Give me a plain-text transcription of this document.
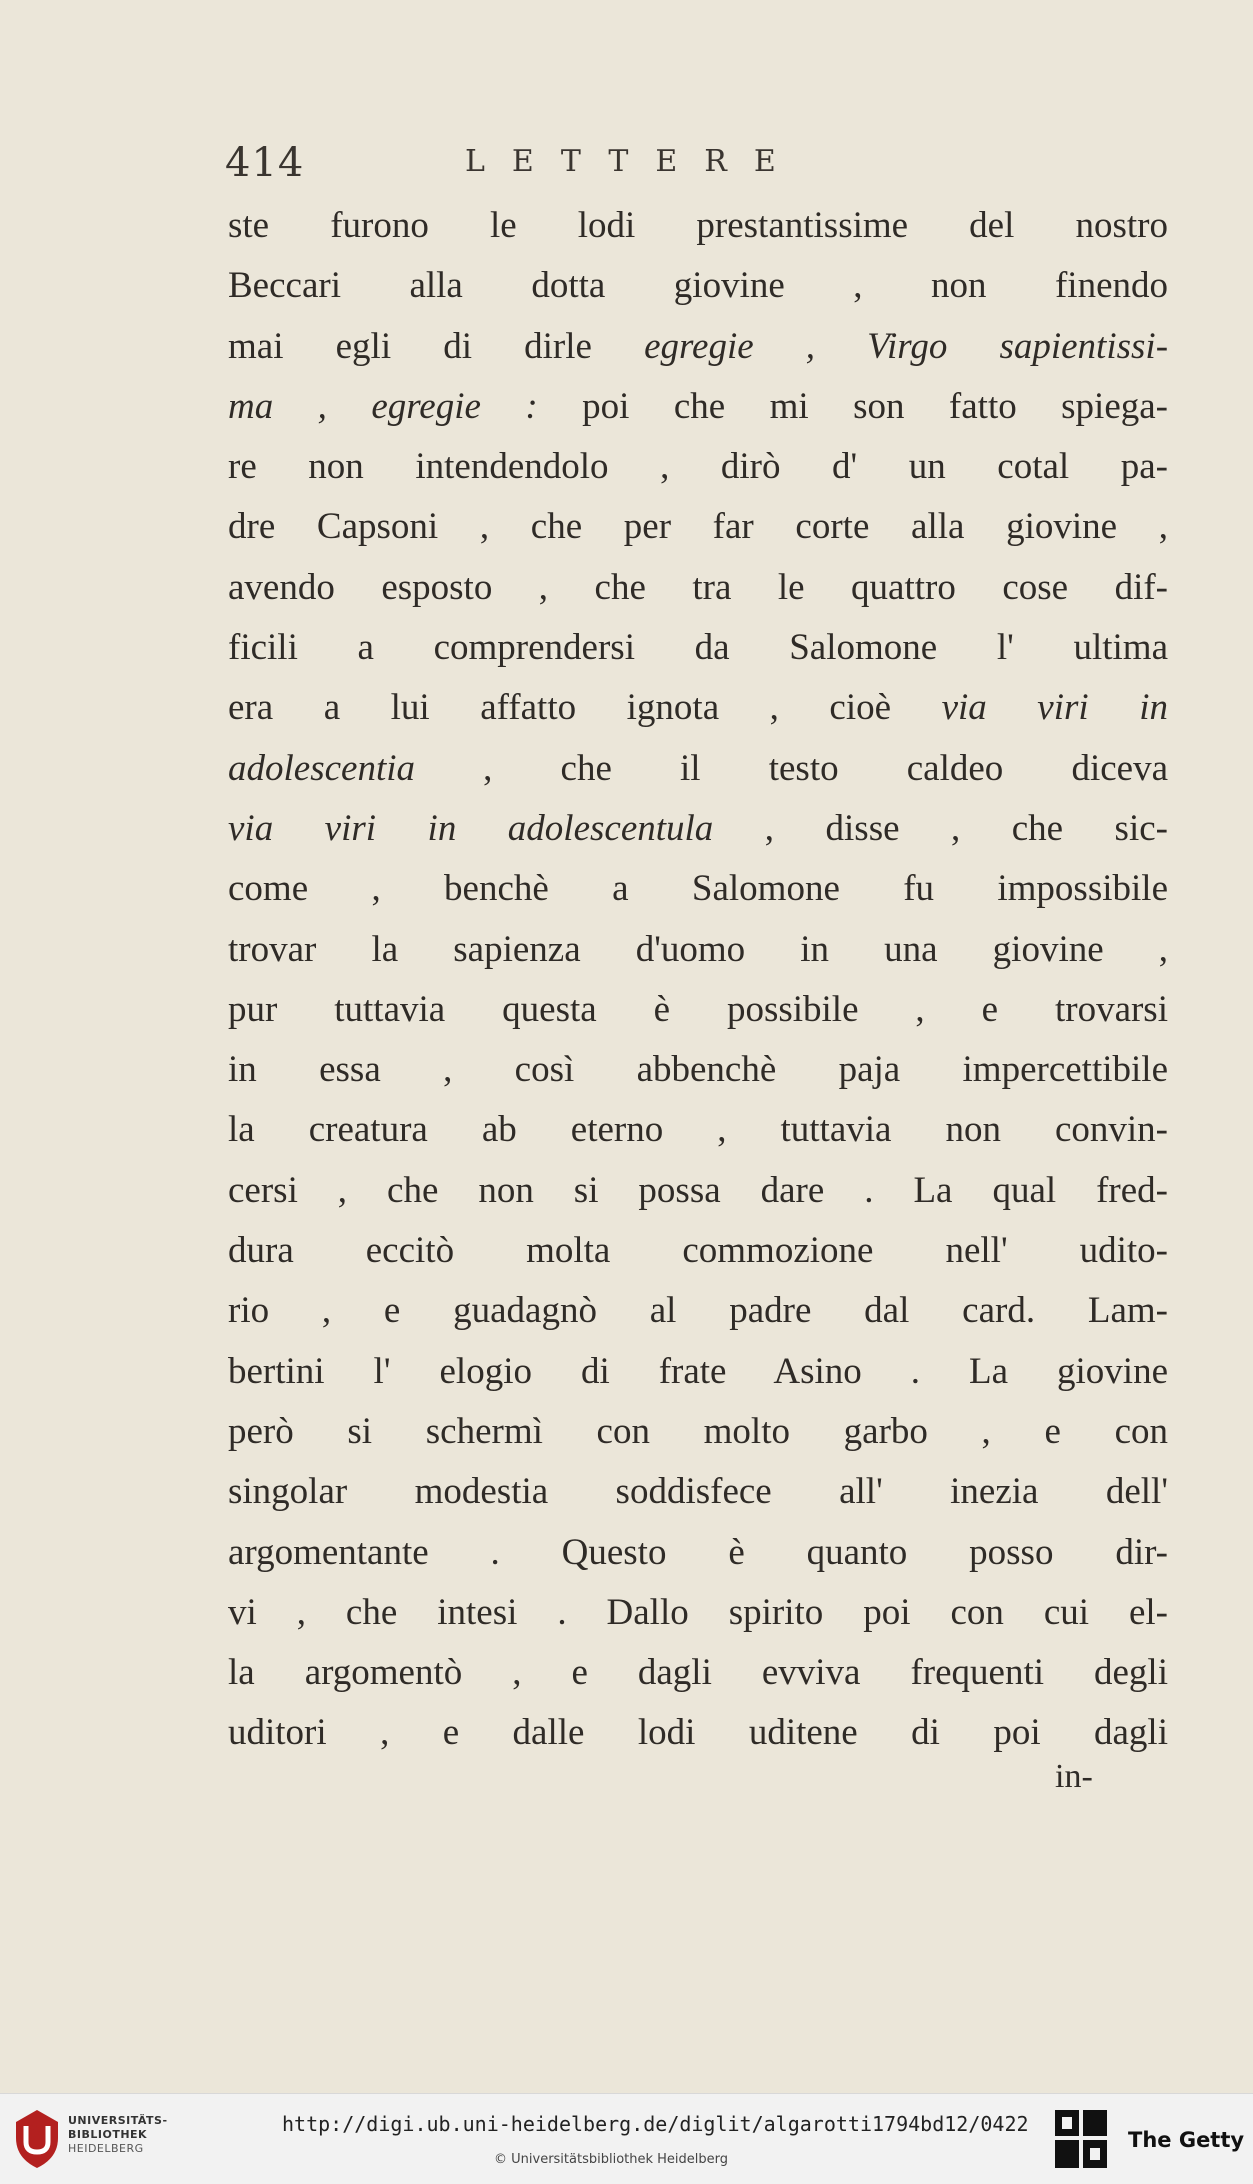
414	LETTERE
ste furono le lodi prestantissime del nostro
Beccari alla dotta giovine , non finendo
mai egli di dirle egregie , Virgo sapientissi-
ma , egregie : poi che mi son fatto spiega-
re non intendendolo , dirò d' un cotal pa-
dre Capsoni , che per far corte alla giovine ,
avendo esposto , che tra le quattro cose dif-
ficili a comprendersi da Salomone l' ultima
era a lui affatto ignota , cioè via viri in
adolescentia , che il testo caldeo diceva
via viri in adolescentula , disse , che sic-
come , benchè a Salomone fu impossibile
trovar la sapienza d'uomo in una giovine ,
pur tuttavia questa è possibile , e trovarsi
in essa , così abbenchè paja impercettibile
la creatura ab eterno , tuttavia non convin-
cersi , che non si possa dare . La qual fred-
dura eccitò molta commozione nell' udito-
rio , e guadagnò al padre dal card. Lam-
bertini l' elogio di frate Asino . La giovine
però si schermì con molto garbo , e con
singolar modestia soddisfece all' inezia dell'
argomentante . Questo è quanto posso dir-
vi , che intesi . Dallo spirito poi con cui el-
la argomentò , e dagli evviva frequenti degli
uditori , e dalle lodi uditene di poi dagli
in-
UNIVERSITÄTS-
BIBLIOTHEK
HEIDELBERG
http://digi.ub.uni-heidelberg.de/diglit/algarotti1794bd12/0422
© Universitätsbibliothek Heidelberg
The Getty
